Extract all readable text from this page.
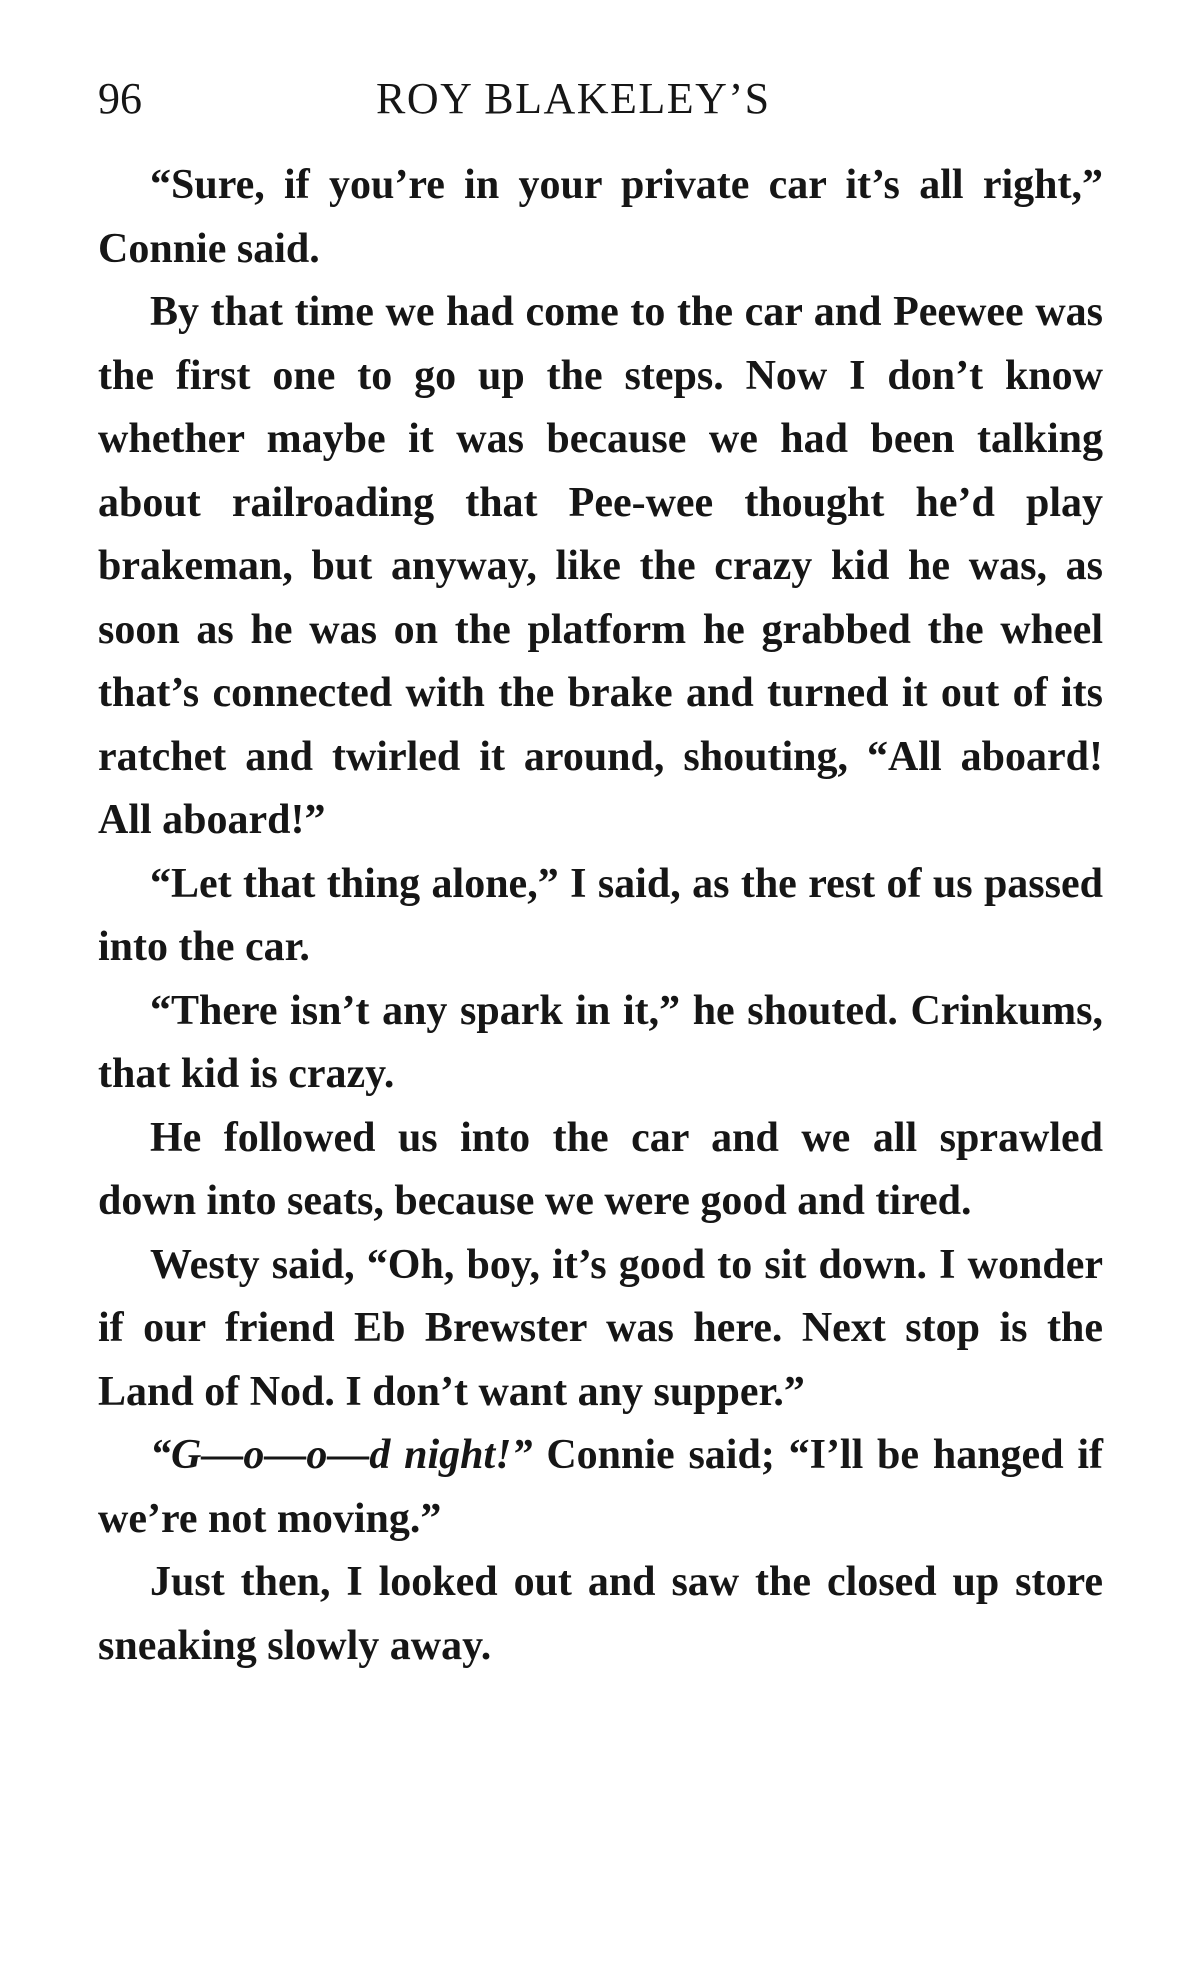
96	ROY BLAKELEY’S

“Sure, if you’re in your private car it’s all right,” Connie said.

By that time we had come to the car and Peewee was the first one to go up the steps. Now I don’t know whether maybe it was because we had been talking about railroading that Pee-wee thought he’d play brakeman, but anyway, like the crazy kid he was, as soon as he was on the platform he grabbed the wheel that’s connected with the brake and turned it out of its ratchet and twirled it around, shouting, “All aboard! All aboard!”

“Let that thing alone,” I said, as the rest of us passed into the car.

“There isn’t any spark in it,” he shouted. Crinkums, that kid is crazy.

He followed us into the car and we all sprawled down into seats, because we were good and tired.

Westy said, “Oh, boy, it’s good to sit down. I wonder if our friend Eb Brewster was here. Next stop is the Land of Nod. I don’t want any supper.”

“G—o—o—d night!” Connie said; “I’ll be hanged if we’re not moving.”

Just then, I looked out and saw the closed up store sneaking slowly away.
